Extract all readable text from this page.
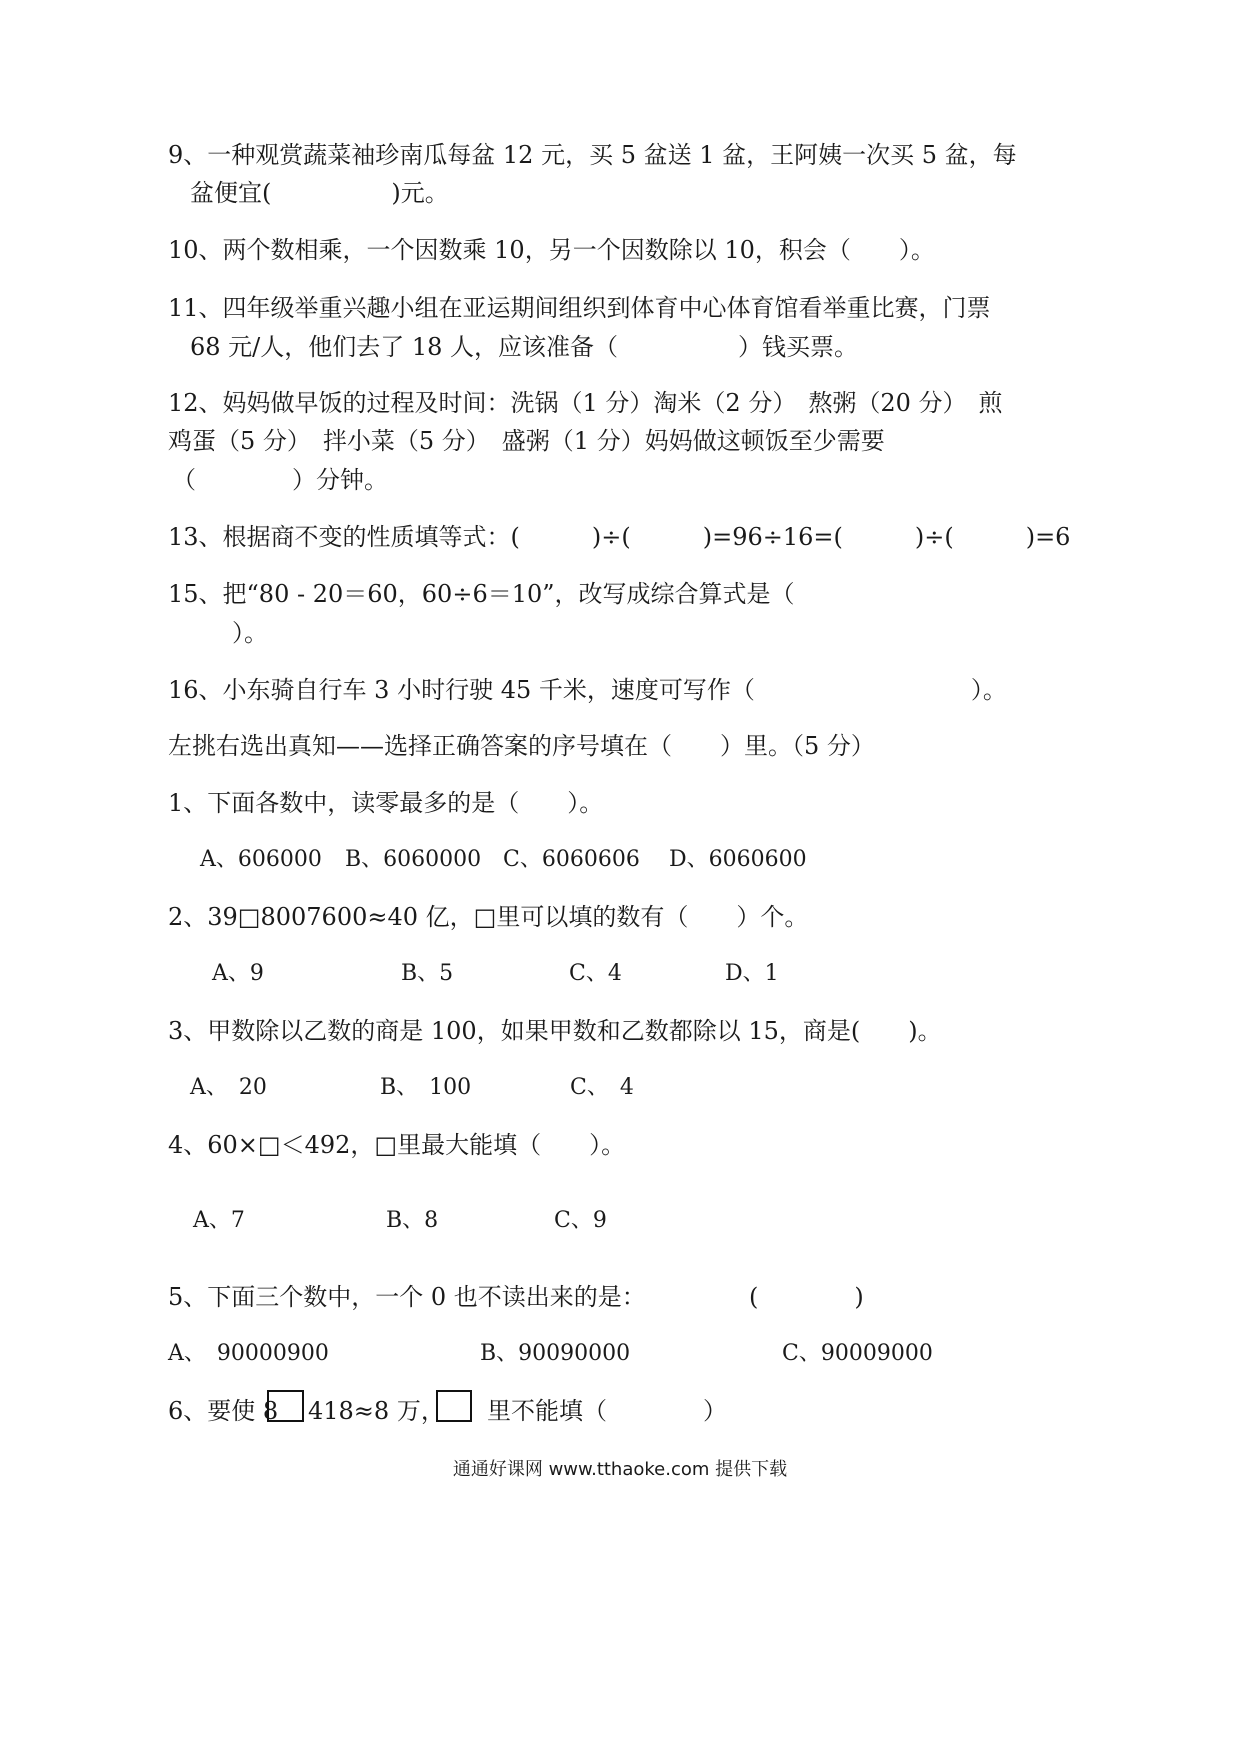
9、一种观赏蔬菜袖珍南瓜每盆 12 元，买 5 盆送 1 盆，王阿姨一次买 5 盆，每
盆便宜(　　　　　)元。
10、两个数相乘，一个因数乘 10，另一个因数除以 10，积会（　　）。
11、四年级举重兴趣小组在亚运期间组织到体育中心体育馆看举重比赛，门票
68 元/人，他们去了 18 人，应该准备（　　　　　）钱买票。
12、妈妈做早饭的过程及时间：洗锅（1 分）淘米（2 分）　熬粥（20 分）　煎
鸡蛋（5 分）　拌小菜（5 分）　盛粥（1 分）妈妈做这顿饭至少需要
（　　　　）分钟。
13、根据商不变的性质填等式：(　　　)÷(　　　)=96÷16=(　　　)÷(　　　)=6
15、把“80 - 20＝60，60÷6＝10”，改写成综合算式是（
）。
16、小东骑自行车 3 小时行驶 45 千米，速度可写作（　　　　　　　　　）。
左挑右选出真知——选择正确答案的序号填在（　　）里。（5 分）
1、下面各数中，读零最多的是（　　）。
A、606000 B、6060000 C、6060606 D、6060600
2、39□8007600≈40 亿，□里可以填的数有（　　）个。
A、9	B、5	C、4	D、1
3、甲数除以乙数的商是 100，如果甲数和乙数都除以 15，商是(　　)。
A、　20	B、　100	C、　4
4、60×□＜492，□里最大能填（　　）。
A、7	B、8	C、9
5、下面三个数中，一个 0 也不读出来的是：	(　　　　)
A、　90000900	B、90090000	C、90009000
6、要使 8 418≈8 万， 里不能填（　　　　）
通通好课网 www.tthaoke.com 提供下载
